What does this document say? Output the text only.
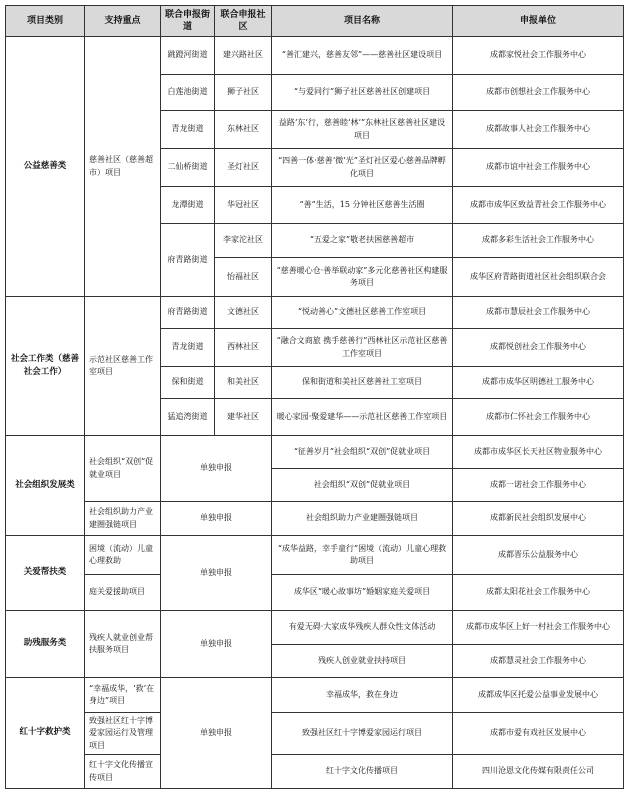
项目类别	支持重点	联合申报街道	联合申报社区	项目名称	申报单位
公益慈善类	慈善社区（慈善超市）项目	跳蹬河街道	建兴路社区	“善汇建兴，慈善友邻”——慈善社区建设项目	成都家悦社会工作服务中心
		白莲池街道	狮子社区	“与爱同行”狮子社区慈善社区创建项目	成都市创想社会工作服务中心
		青龙街道	东林社区	益路‘东’行，慈善睦‘林’”东林社区慈善社区建设项目	成都故事人社会工作服务中心
		二仙桥街道	圣灯社区	“四善一体·慈善‘微’光”圣灯社区爱心慈善品牌孵化项目	成都市谊中社会工作服务中心
		龙潭街道	华冠社区	“善”生活，15 分钟社区慈善生活圈	成都市成华区致益青社会工作服务中心
		府青路街道	李家沱社区	“五爱之家”敬老扶困慈善超市	成都多彩生活社会工作服务中心
			怡福社区	“慈善暖心仓·善举联动家”多元化慈善社区构建服务项目	成华区府青路街道社区社会组织联合会
社会工作类（慈善社会工作）	示范社区慈善工作室项目	府青路街道	文德社区	“悦动善心”文德社区慈善工作室项目	成都市慧辰社会工作服务中心
		青龙街道	西林社区	“融合文商旅 携手慈善行”西林社区示范社区慈善工作室项目	成都悦创社会工作服务中心
		保和街道	和美社区	保和街道和美社区慈善社工室项目	成都市成华区明德社工服务中心
		猛追湾街道	建华社区	暖心家园·聚爱建华——示范社区慈善工作室项目	成都市仁怀社会工作服务中心
社会组织发展类	社会组织“双创”促就业项目	单独申报		“征善岁月”社会组织“双创”促就业项目	成都市成华区长天社区物业服务中心
				社会组织“双创”促就业项目	成都一诺社会工作服务中心
	社会组织助力产业建圈强链项目	单独申报		社会组织助力产业建圈强链项目	成都新民社会组织发展中心
关爱帮扶类	困境（流动）儿童心理救助	单独申报		“成华益路，幸手童行”困境（流动）儿童心理救助项目	成都晋乐公益服务中心
	庭关爱援助项目			成华区“暖心故事坊”婚姻家庭关爱项目	成都太阳花社会工作服务中心
助残服务类	残疾人就业创业帮扶服务项目	单独申报		有爱无碍·大家成华残疾人群众性文体活动	成都市成华区上好一村社会工作服务中心
				残疾人创业就业扶持项目	成都慧灵社会工作服务中心
红十字救护类	“幸福成华，‘救’在身边”项目	单独申报		幸福成华，救在身边	成都成华区托爱公益事业发展中心
	致强社区红十字博爱家园运行及管理项目			致强社区红十字博爱家园运行项目	成都市爱有戏社区发展中心
	红十字文化传播宣传项目			红十字文化传播项目	四川沧恩文化传媒有限责任公司
